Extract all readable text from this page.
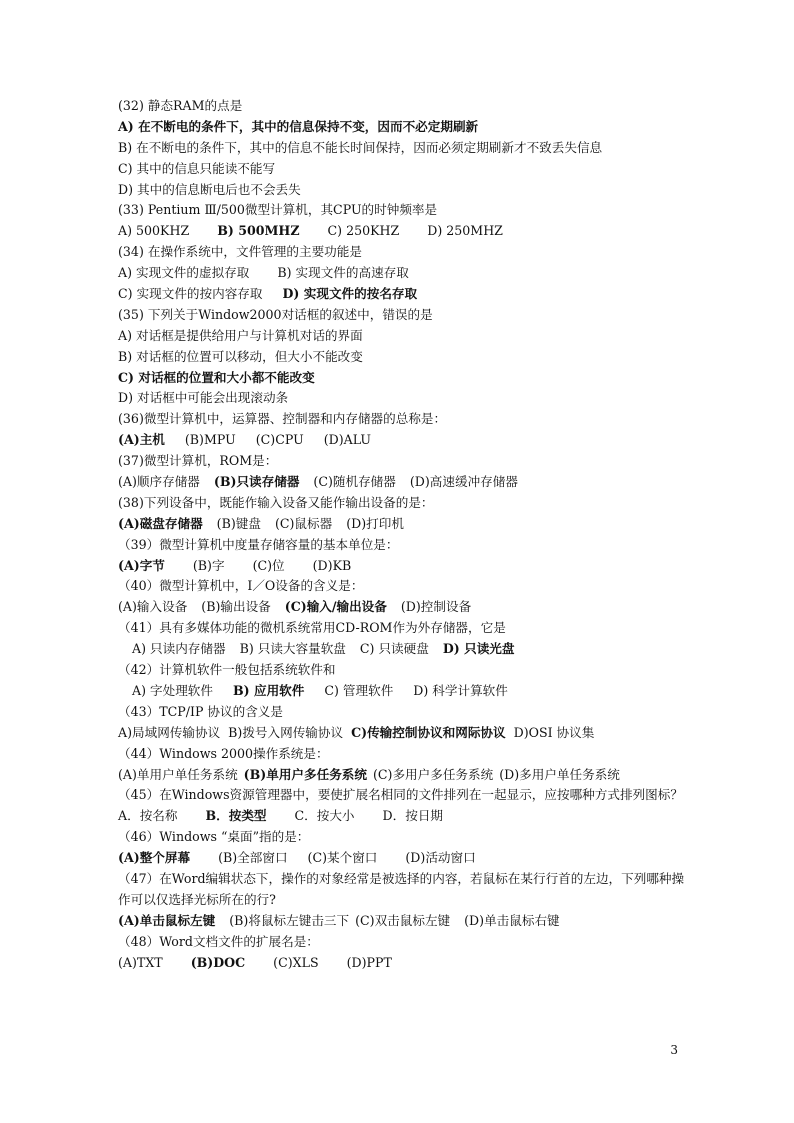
(32) 静态RAM的点是
A) 在不断电的条件下，其中的信息保持不变，因而不必定期刷新
B) 在不断电的条件下，其中的信息不能长时间保持，因而必须定期刷新才不致丢失信息
C) 其中的信息只能读不能写
D) 其中的信息断电后也不会丢失
(33) Pentium Ⅲ/500微型计算机，其CPU的时钟频率是
A) 500KHZ B) 500MHZ C) 250KHZ D) 250MHZ
(34) 在操作系统中，文件管理的主要功能是
A) 实现文件的虚拟存取 B) 实现文件的高速存取
C) 实现文件的按内容存取 D) 实现文件的按名存取
(35) 下列关于Window2000对话框的叙述中，错误的是
A) 对话框是提供给用户与计算机对话的界面
B) 对话框的位置可以移动，但大小不能改变
C) 对话框的位置和大小都不能改变
D) 对话框中可能会出现滚动条
(36)微型计算机中，运算器、控制器和内存储器的总称是：
(A)主机 (B)MPU (C)CPU (D)ALU
(37)微型计算机，ROM是：
(A)顺序存储器 (B)只读存储器 (C)随机存储器 (D)高速缓冲存储器
(38)下列设备中，既能作输入设备又能作输出设备的是：
(A)磁盘存储器 (B)键盘 (C)鼠标器 (D)打印机
（39）微型计算机中度量存储容量的基本单位是：
(A)字节 (B)字 (C)位 (D)KB
（40）微型计算机中，I／O设备的含义是：
(A)输入设备 (B)输出设备 (C)输入/输出设备 (D)控制设备
（41）具有多媒体功能的微机系统常用CD-ROM作为外存储器，它是
A) 只读内存储器 B) 只读大容量软盘 C) 只读硬盘 D) 只读光盘
（42）计算机软件一般包括系统软件和
A) 字处理软件 B) 应用软件 C) 管理软件 D) 科学计算软件
（43）TCP/IP 协议的含义是
A)局域网传输协议 B)拨号入网传输协议 C)传输控制协议和网际协议 D)OSI 协议集
（44）Windows 2000操作系统是：
(A)单用户单任务系统 (B)单用户多任务系统 (C)多用户多任务系统 (D)多用户单任务系统
（45）在Windows资源管理器中，要使扩展名相同的文件排列在一起显示，应按哪种方式排列图标？
A．按名称 B．按类型 C．按大小 D．按日期
（46）Windows “桌面”指的是：
(A)整个屏幕 (B)全部窗口 (C)某个窗口 (D)活动窗口
（47）在Word编辑状态下，操作的对象经常是被选择的内容，若鼠标在某行行首的左边，下列哪种操作可以仅选择光标所在的行?
(A)单击鼠标左键 (B)将鼠标左键击三下 (C)双击鼠标左键 (D)单击鼠标右键
（48）Word文档文件的扩展名是：
(A)TXT (B)DOC (C)XLS (D)PPT
3
